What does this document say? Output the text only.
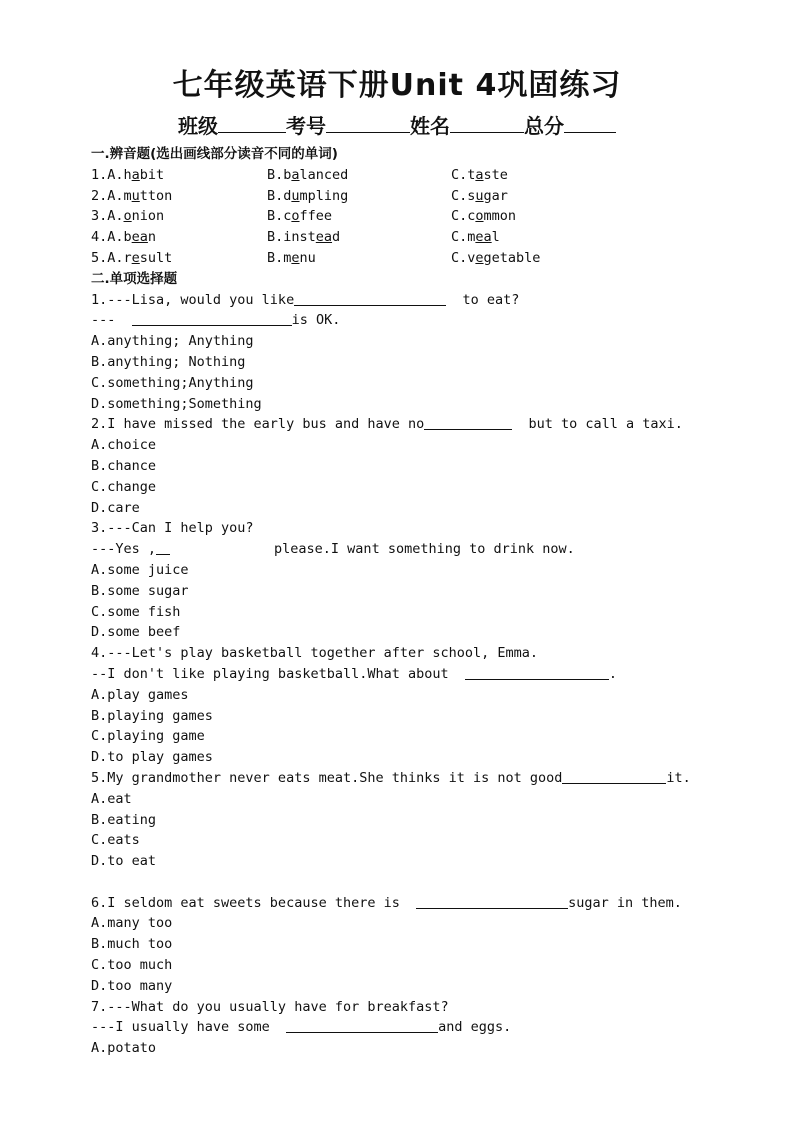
七年级英语下册Unit 4巩固练习
班级	考号	姓名	总分
一.辨音题(选出画线部分读音不同的单词)
1.A.habit	B.balanced	C.taste
2.A.mutton	B.dumpling	C.sugar
3.A.onion	B.coffee	C.common
4.A.bean	B.instead	C.meal
5.A.result	B.menu	C.vegetable
二.单项选择题
1.---Lisa, would you like	to eat?
---	is OK.
A.anything; Anything
B.anything; Nothing
C.something;Anything
D.something;Something
2.I have missed the early bus and have no	but to call a taxi.
A.choice
B.chance
C.change
D.care
3.---Can I help you?
---Yes ,	please.I want something to drink now.
A.some juice
B.some sugar
C.some fish
D.some beef
4.---Let's play basketball together after school, Emma.
--I don't like playing basketball.What about	.
A.play games
B.playing games
C.playing game
D.to play games
5.My grandmother never eats meat.She thinks it is not good	it.
A.eat
B.eating
C.eats
D.to eat
6.I seldom eat sweets because there is	sugar in them.
A.many too
B.much too
C.too much
D.too many
7.---What do you usually have for breakfast?
---I usually have some	and eggs.
A.potato
